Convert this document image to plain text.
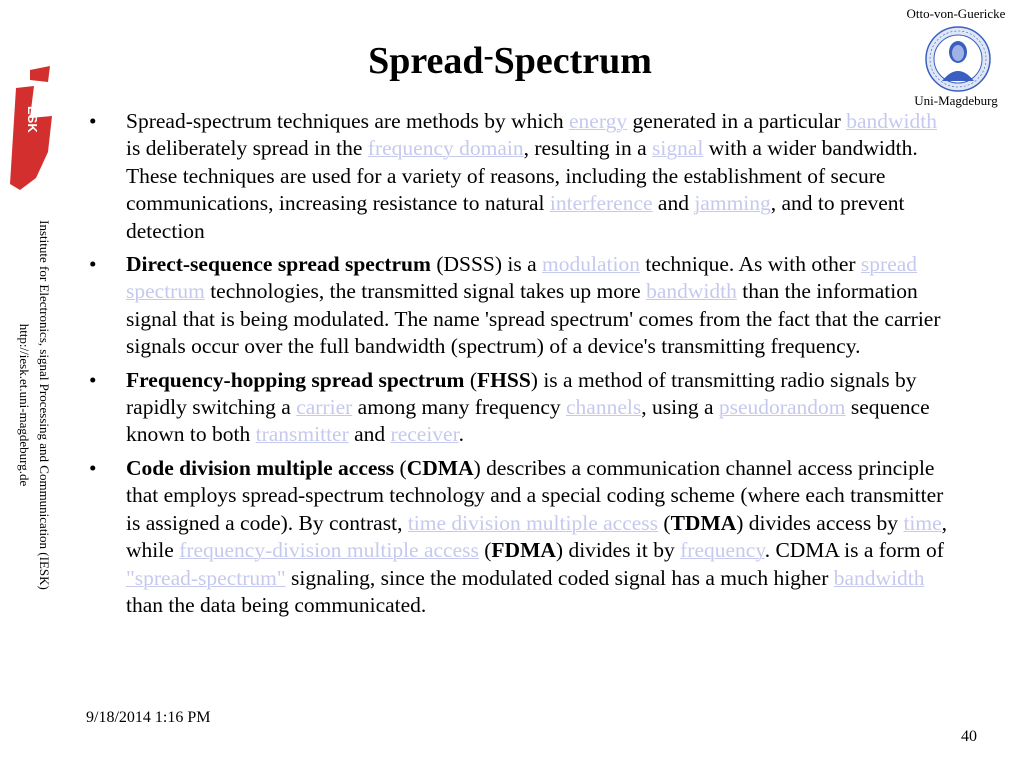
ESK
Institute for Electronics, signal Processing and Communication (IESK)
http://iesk.et.uni-magdeburg.de
Spread-Spectrum
Otto-von-Guericke
Uni-Magdeburg
• Spread-spectrum techniques are methods by which energy generated in a particular bandwidth is deliberately spread in the frequency domain, resulting in a signal with a wider bandwidth. These techniques are used for a variety of reasons, including the establishment of secure communications, increasing resistance to natural interference and jamming, and to prevent detection
• Direct-sequence spread spectrum (DSSS) is a modulation technique. As with other spread spectrum technologies, the transmitted signal takes up more bandwidth than the information signal that is being modulated. The name 'spread spectrum' comes from the fact that the carrier signals occur over the full bandwidth (spectrum) of a device's transmitting frequency.
• Frequency-hopping spread spectrum (FHSS) is a method of transmitting radio signals by rapidly switching a carrier among many frequency channels, using a pseudorandom sequence known to both transmitter and receiver.
• Code division multiple access (CDMA) describes a communication channel access principle that employs spread-spectrum technology and a special coding scheme (where each transmitter is assigned a code). By contrast, time division multiple access (TDMA) divides access by time, while frequency-division multiple access (FDMA) divides it by frequency. CDMA is a form of "spread-spectrum" signaling, since the modulated coded signal has a much higher bandwidth than the data being communicated.
9/18/2014 1:16 PM
40
